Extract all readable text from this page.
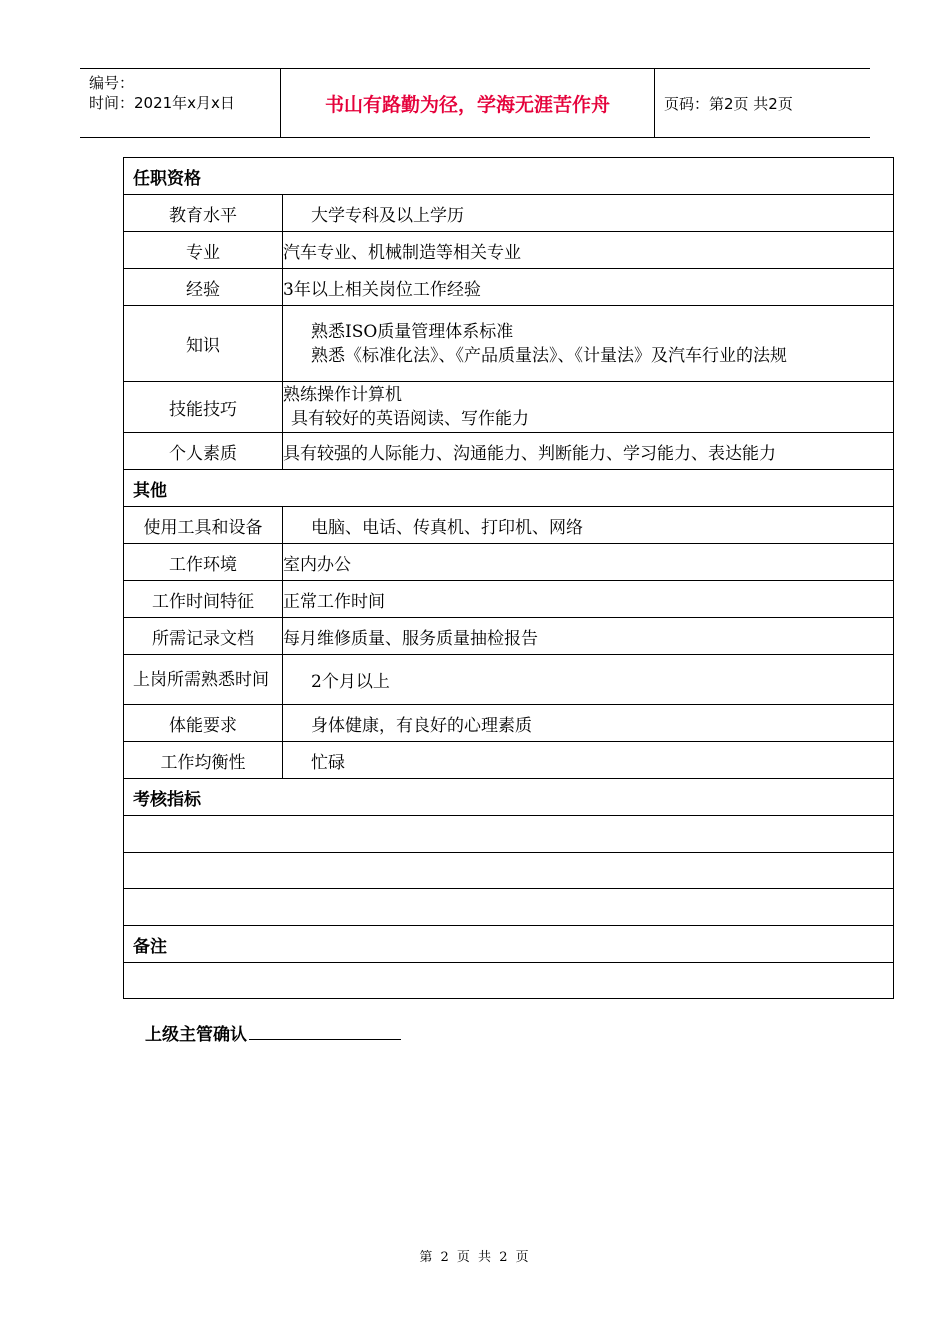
编号：
时间：2021年x月x日	书山有路勤为径，学海无涯苦作舟	页码：第2页 共2页
任职资格	
教育水平	大学专科及以上学历
专业	汽车专业、机械制造等相关专业
经验	3年以上相关岗位工作经验
知识	熟悉ISO质量管理体系标准
熟悉《标准化法》、《产品质量法》、《计量法》及汽车行业的法规

技能技巧	熟练操作计算机
具有较好的英语阅读、写作能力

个人素质	具有较强的人际能力、沟通能力、判断能力、学习能力、表达能力
其他	
使用工具和设备	电脑、电话、传真机、打印机、网络
工作环境	室内办公
工作时间特征	正常工作时间
所需记录文档	每月维修质量、服务质量抽检报告
上岗所需熟悉时间	2个月以上
体能要求	身体健康，有良好的心理素质
工作均衡性	忙碌
考核指标	

备注	

上级主管确认
第 2 页 共 2 页
